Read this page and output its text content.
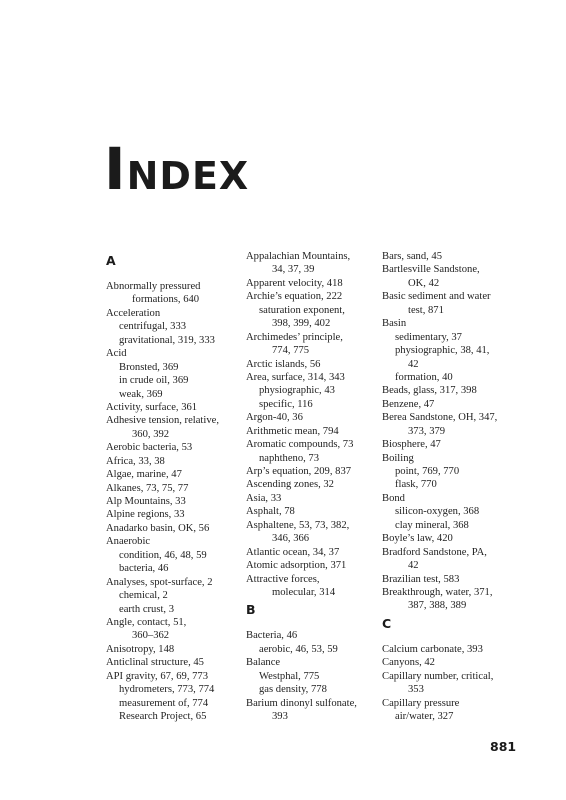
INDEX
A
Abnormally pressured
formations, 640
Acceleration
centrifugal, 333
gravitational, 319, 333
Acid
Bronsted, 369
in crude oil, 369
weak, 369
Activity, surface, 361
Adhesive tension, relative,
360, 392
Aerobic bacteria, 53
Africa, 33, 38
Algae, marine, 47
Alkanes, 73, 75, 77
Alp Mountains, 33
Alpine regions, 33
Anadarko basin, OK, 56
Anaerobic
condition, 46, 48, 59
bacteria, 46
Analyses, spot-surface, 2
chemical, 2
earth crust, 3
Angle, contact, 51,
360–362
Anisotropy, 148
Anticlinal structure, 45
API gravity, 67, 69, 773
hydrometers, 773, 774
measurement of, 774
Research Project, 65
Appalachian Mountains,
34, 37, 39
Apparent velocity, 418
Archie’s equation, 222
saturation exponent,
398, 399, 402
Archimedes’ principle,
774, 775
Arctic islands, 56
Area, surface, 314, 343
physiographic, 43
specific, 116
Argon-40, 36
Arithmetic mean, 794
Aromatic compounds, 73
naphtheno, 73
Arp’s equation, 209, 837
Ascending zones, 32
Asia, 33
Asphalt, 78
Asphaltene, 53, 73, 382,
346, 366
Atlantic ocean, 34, 37
Atomic adsorption, 371
Attractive forces,
molecular, 314
B
Bacteria, 46
aerobic, 46, 53, 59
Balance
Westphal, 775
gas density, 778
Barium dinonyl sulfonate,
393
Bars, sand, 45
Bartlesville Sandstone,
OK, 42
Basic sediment and water
test, 871
Basin
sedimentary, 37
physiographic, 38, 41,
42
formation, 40
Beads, glass, 317, 398
Benzene, 47
Berea Sandstone, OH, 347,
373, 379
Biosphere, 47
Boiling
point, 769, 770
flask, 770
Bond
silicon-oxygen, 368
clay mineral, 368
Boyle’s law, 420
Bradford Sandstone, PA,
42
Brazilian test, 583
Breakthrough, water, 371,
387, 388, 389
C
Calcium carbonate, 393
Canyons, 42
Capillary number, critical,
353
Capillary pressure
air/water, 327
881
